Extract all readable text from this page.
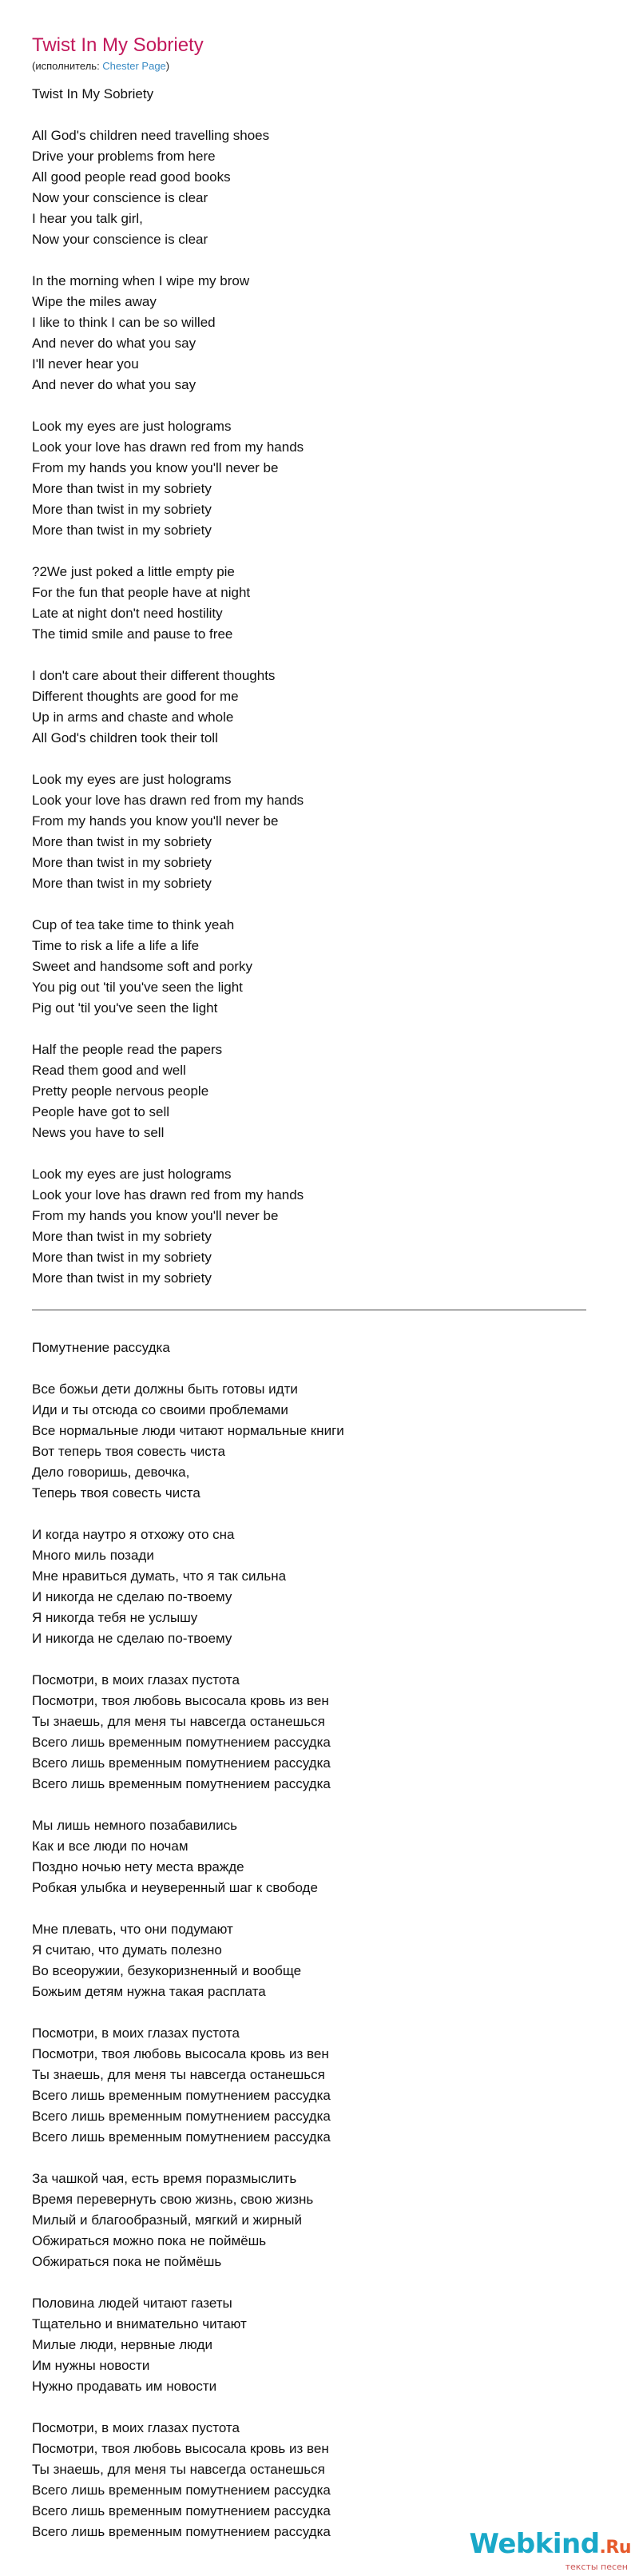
Twist In My Sobriety
(исполнитель: Chester Page)
Twist In My Sobriety
All God's children need travelling shoes
Drive your problems from here
All good people read good books
Now your conscience is clear
I hear you talk girl,
Now your conscience is clear
In the morning when I wipe my brow
Wipe the miles away
I like to think I can be so willed
And never do what you say
I'll never hear you
And never do what you say
Look my eyes are just holograms
Look your love has drawn red from my hands
From my hands you know you'll never be
More than twist in my sobriety
More than twist in my sobriety
More than twist in my sobriety
?2We just poked a little empty pie
For the fun that people have at night
Late at night don't need hostility
The timid smile and pause to free
I don't care about their different thoughts
Different thoughts are good for me
Up in arms and chaste and whole
All God's children took their toll
Look my eyes are just holograms
Look your love has drawn red from my hands
From my hands you know you'll never be
More than twist in my sobriety
More than twist in my sobriety
More than twist in my sobriety
Cup of tea take time to think yeah
Time to risk a life a life a life
Sweet and handsome soft and porky
You pig out 'til you've seen the light
Pig out 'til you've seen the light
Half the people read the papers
Read them good and well
Pretty people nervous people
People have got to sell
News you have to sell
Look my eyes are just holograms
Look your love has drawn red from my hands
From my hands you know you'll never be
More than twist in my sobriety
More than twist in my sobriety
More than twist in my sobriety
Помутнение рассудка
Все божьи дети должны быть готовы идти
Иди и ты отсюда со своими проблемами
Все нормальные люди читают нормальные книги
Вот теперь твоя совесть чиста
Дело говоришь, девочка,
Теперь твоя совесть чиста
И когда наутро я отхожу ото сна
Много миль позади
Мне нравиться думать, что я так сильна
И никогда не сделаю по-твоему
Я никогда тебя не услышу
И никогда не сделаю по-твоему
Посмотри, в моих глазах пустота
Посмотри, твоя любовь высосала кровь из вен
Ты знаешь, для меня ты навсегда останешься
Всего лишь временным помутнением рассудка
Всего лишь временным помутнением рассудка
Всего лишь временным помутнением рассудка
Мы лишь немного позабавились
Как и все люди по ночам
Поздно ночью нету места вражде
Робкая улыбка и неуверенный шаг к свободе
Мне плевать, что они подумают
Я считаю, что думать полезно
Во всеоружии, безукоризненный и вообще
Божьим детям нужна такая расплата
Посмотри, в моих глазах пустота
Посмотри, твоя любовь высосала кровь из вен
Ты знаешь, для меня ты навсегда останешься
Всего лишь временным помутнением рассудка
Всего лишь временным помутнением рассудка
Всего лишь временным помутнением рассудка
За чашкой чая, есть время поразмыслить
Время перевернуть свою жизнь, свою жизнь
Милый и благообразный, мягкий и жирный
Обжираться можно пока не поймёшь
Обжираться пока не поймёшь
Половина людей читают газеты
Тщательно и внимательно читают
Милые люди, нервные люди
Им нужны новости
Нужно продавать им новости
Посмотри, в моих глазах пустота
Посмотри, твоя любовь высосала кровь из вен
Ты знаешь, для меня ты навсегда останешься
Всего лишь временным помутнением рассудка
Всего лишь временным помутнением рассудка
Всего лишь временным помутнением рассудка	Webkind.Ru
тексты песен
